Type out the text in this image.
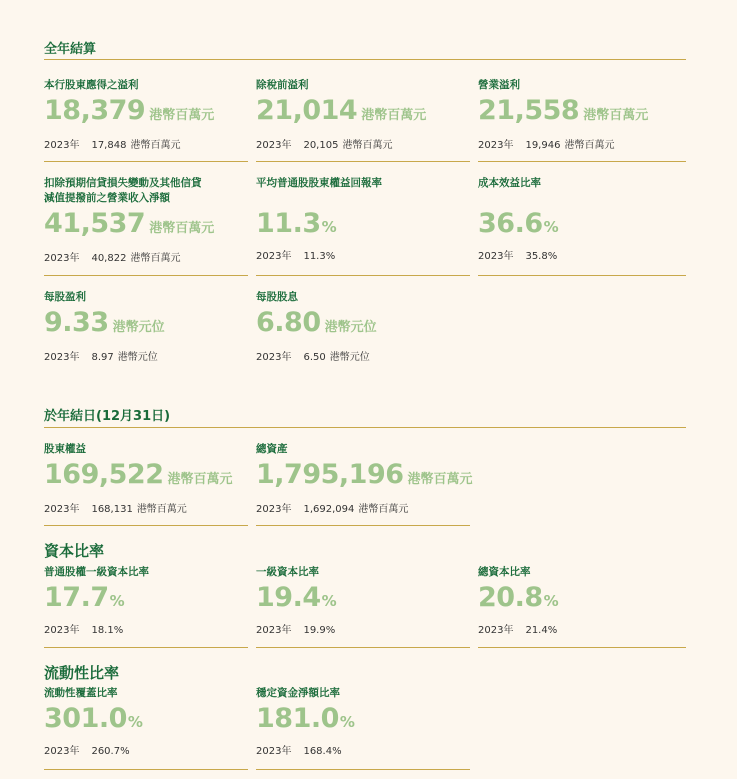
全年結算
本行股東應得之溢利
18,379 港幣百萬元
2023年 17,848 港幣百萬元
除稅前溢利
21,014 港幣百萬元
2023年 20,105 港幣百萬元
營業溢利
21,558 港幣百萬元
2023年 19,946 港幣百萬元
扣除預期信貸損失變動及其他信貸
減值提撥前之營業收入淨額
41,537 港幣百萬元
2023年 40,822 港幣百萬元
平均普通股股東權益回報率
11.3%
2023年 11.3%
成本效益比率
36.6%
2023年 35.8%
每股盈利
9.33 港幣元位
2023年 8.97 港幣元位
每股股息
6.80 港幣元位
2023年 6.50 港幣元位
於年結日(12月31日)
股東權益
169,522 港幣百萬元
2023年 168,131 港幣百萬元
總資產
1,795,196 港幣百萬元
2023年 1,692,094 港幣百萬元
資本比率
普通股權一級資本比率
17.7%
2023年 18.1%
一級資本比率
19.4%
2023年 19.9%
總資本比率
20.8%
2023年 21.4%
流動性比率
流動性覆蓋比率
301.0%
2023年 260.7%
穩定資金淨額比率
181.0%
2023年 168.4%
